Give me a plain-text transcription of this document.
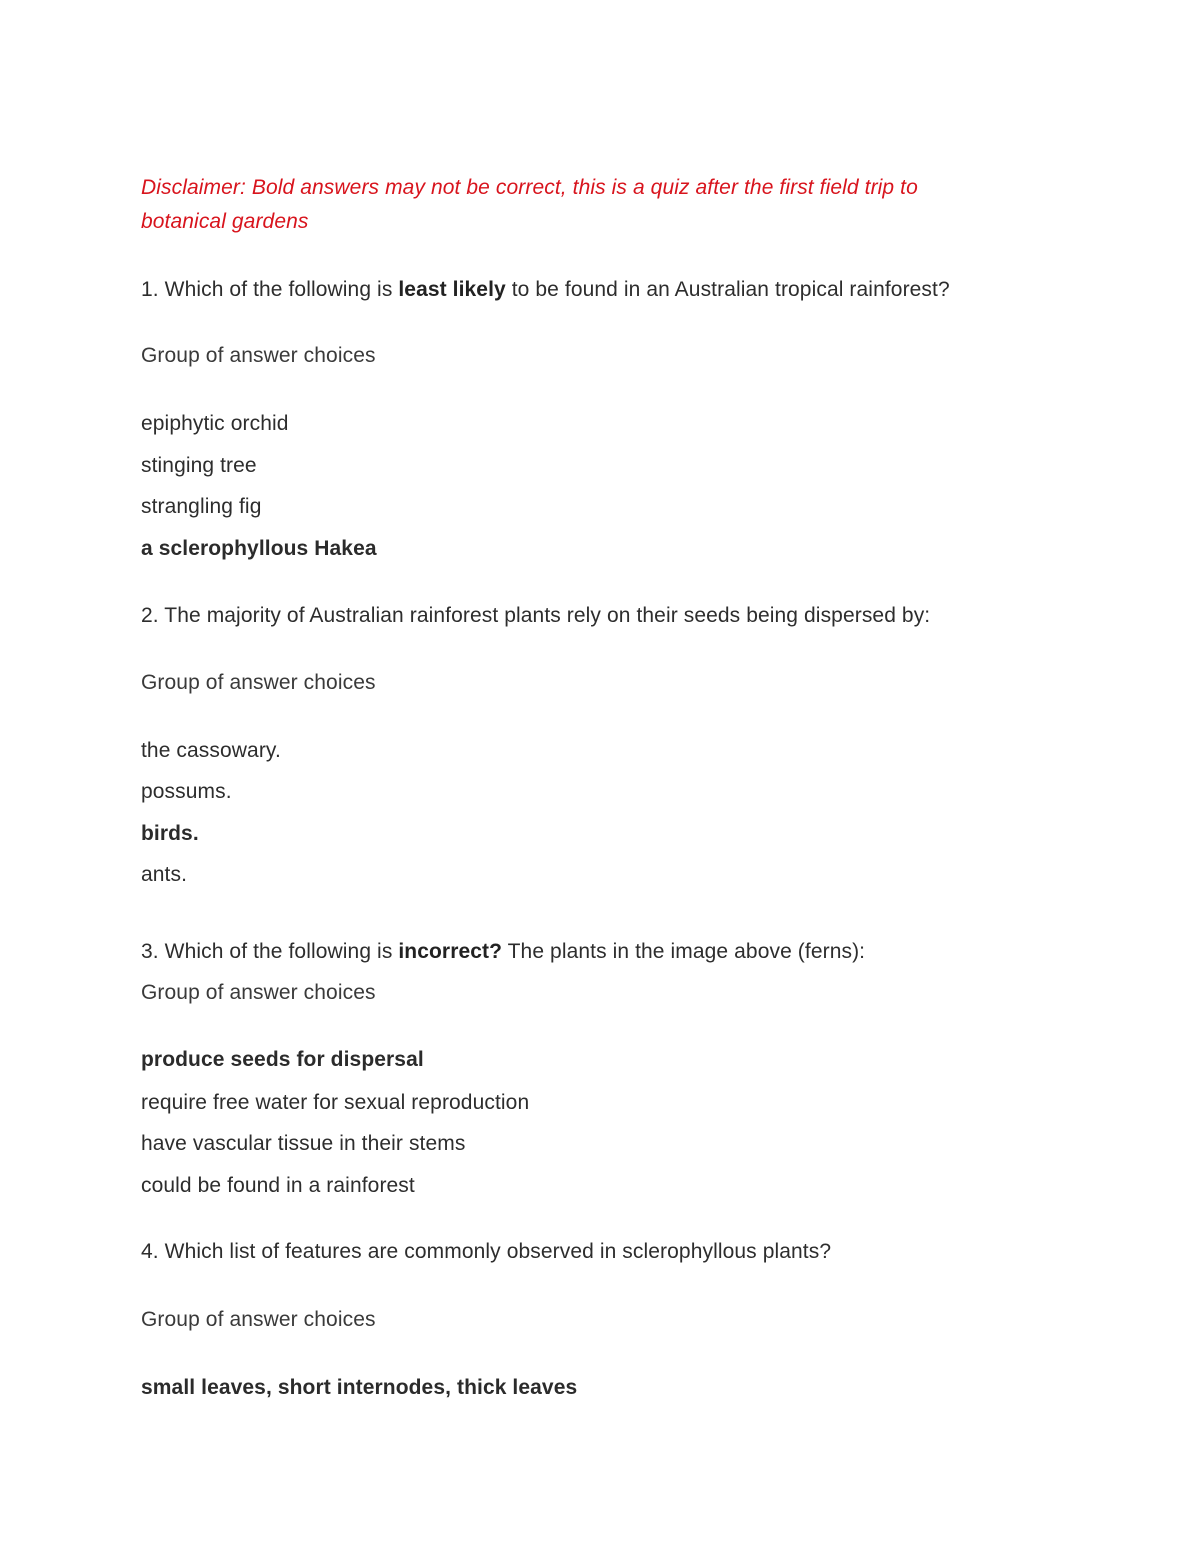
Disclaimer: Bold answers may not be correct, this is a quiz after the first field trip to
botanical gardens
1. Which of the following is least likely to be found in an Australian tropical rainforest?
Group of answer choices
epiphytic orchid
stinging tree
strangling fig
a sclerophyllous Hakea
2. The majority of Australian rainforest plants rely on their seeds being dispersed by:
Group of answer choices
the cassowary.
possums.
birds.
ants.
3. Which of the following is incorrect? The plants in the image above (ferns):
Group of answer choices
produce seeds for dispersal
require free water for sexual reproduction
have vascular tissue in their stems
could be found in a rainforest
4. Which list of features are commonly observed in sclerophyllous plants?
Group of answer choices
small leaves, short internodes, thick leaves
